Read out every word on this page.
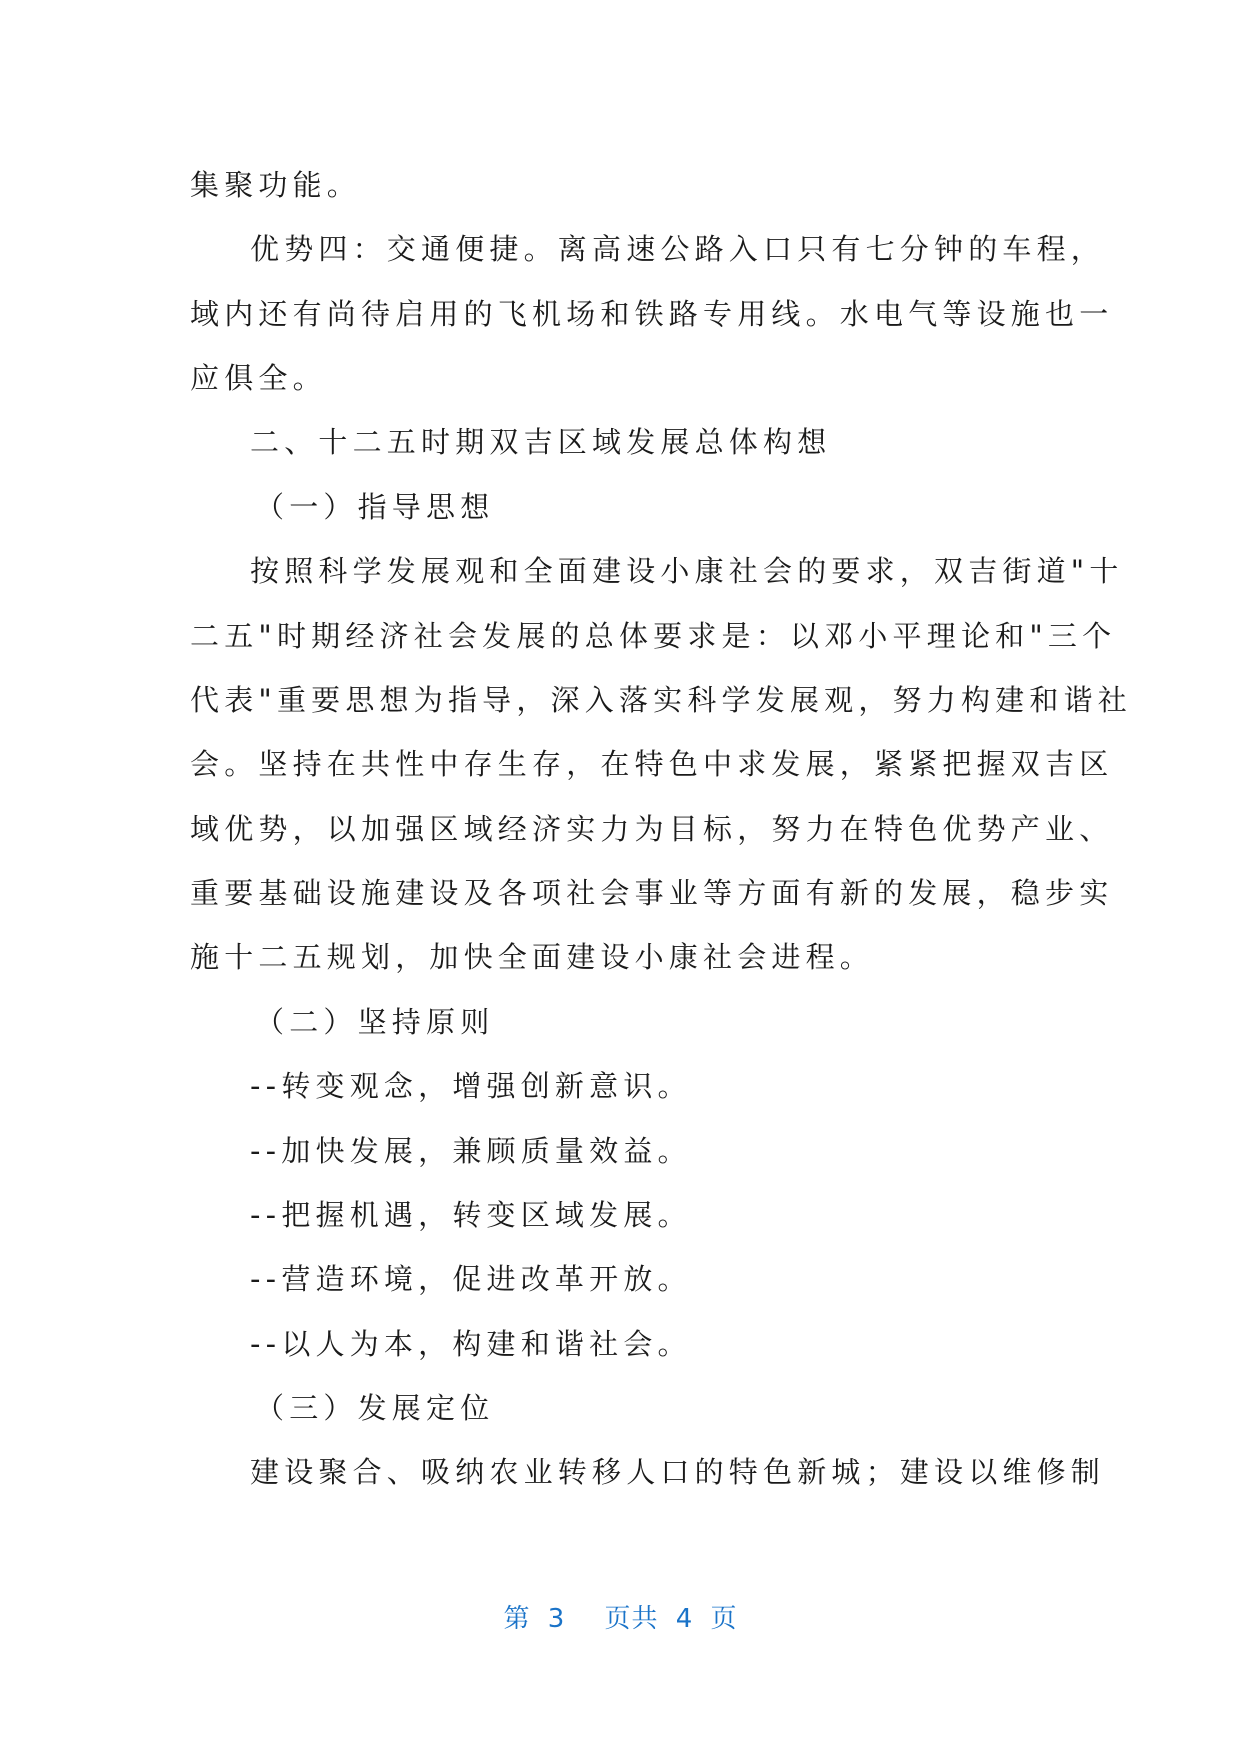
集聚功能。
优势四：交通便捷。离高速公路入口只有七分钟的车程，
域内还有尚待启用的飞机场和铁路专用线。水电气等设施也一
应俱全。
二、十二五时期双吉区域发展总体构想
（一）指导思想
按照科学发展观和全面建设小康社会的要求，双吉街道"十
二五"时期经济社会发展的总体要求是：以邓小平理论和"三个
代表"重要思想为指导，深入落实科学发展观，努力构建和谐社
会。坚持在共性中存生存，在特色中求发展，紧紧把握双吉区
域优势，以加强区域经济实力为目标，努力在特色优势产业、
重要基础设施建设及各项社会事业等方面有新的发展，稳步实
施十二五规划，加快全面建设小康社会进程。
（二）坚持原则
--转变观念，增强创新意识。
--加快发展，兼顾质量效益。
--把握机遇，转变区域发展。
--营造环境，促进改革开放。
--以人为本，构建和谐社会。
（三）发展定位
建设聚合、吸纳农业转移人口的特色新城；建设以维修制
第 3 页共 4 页
